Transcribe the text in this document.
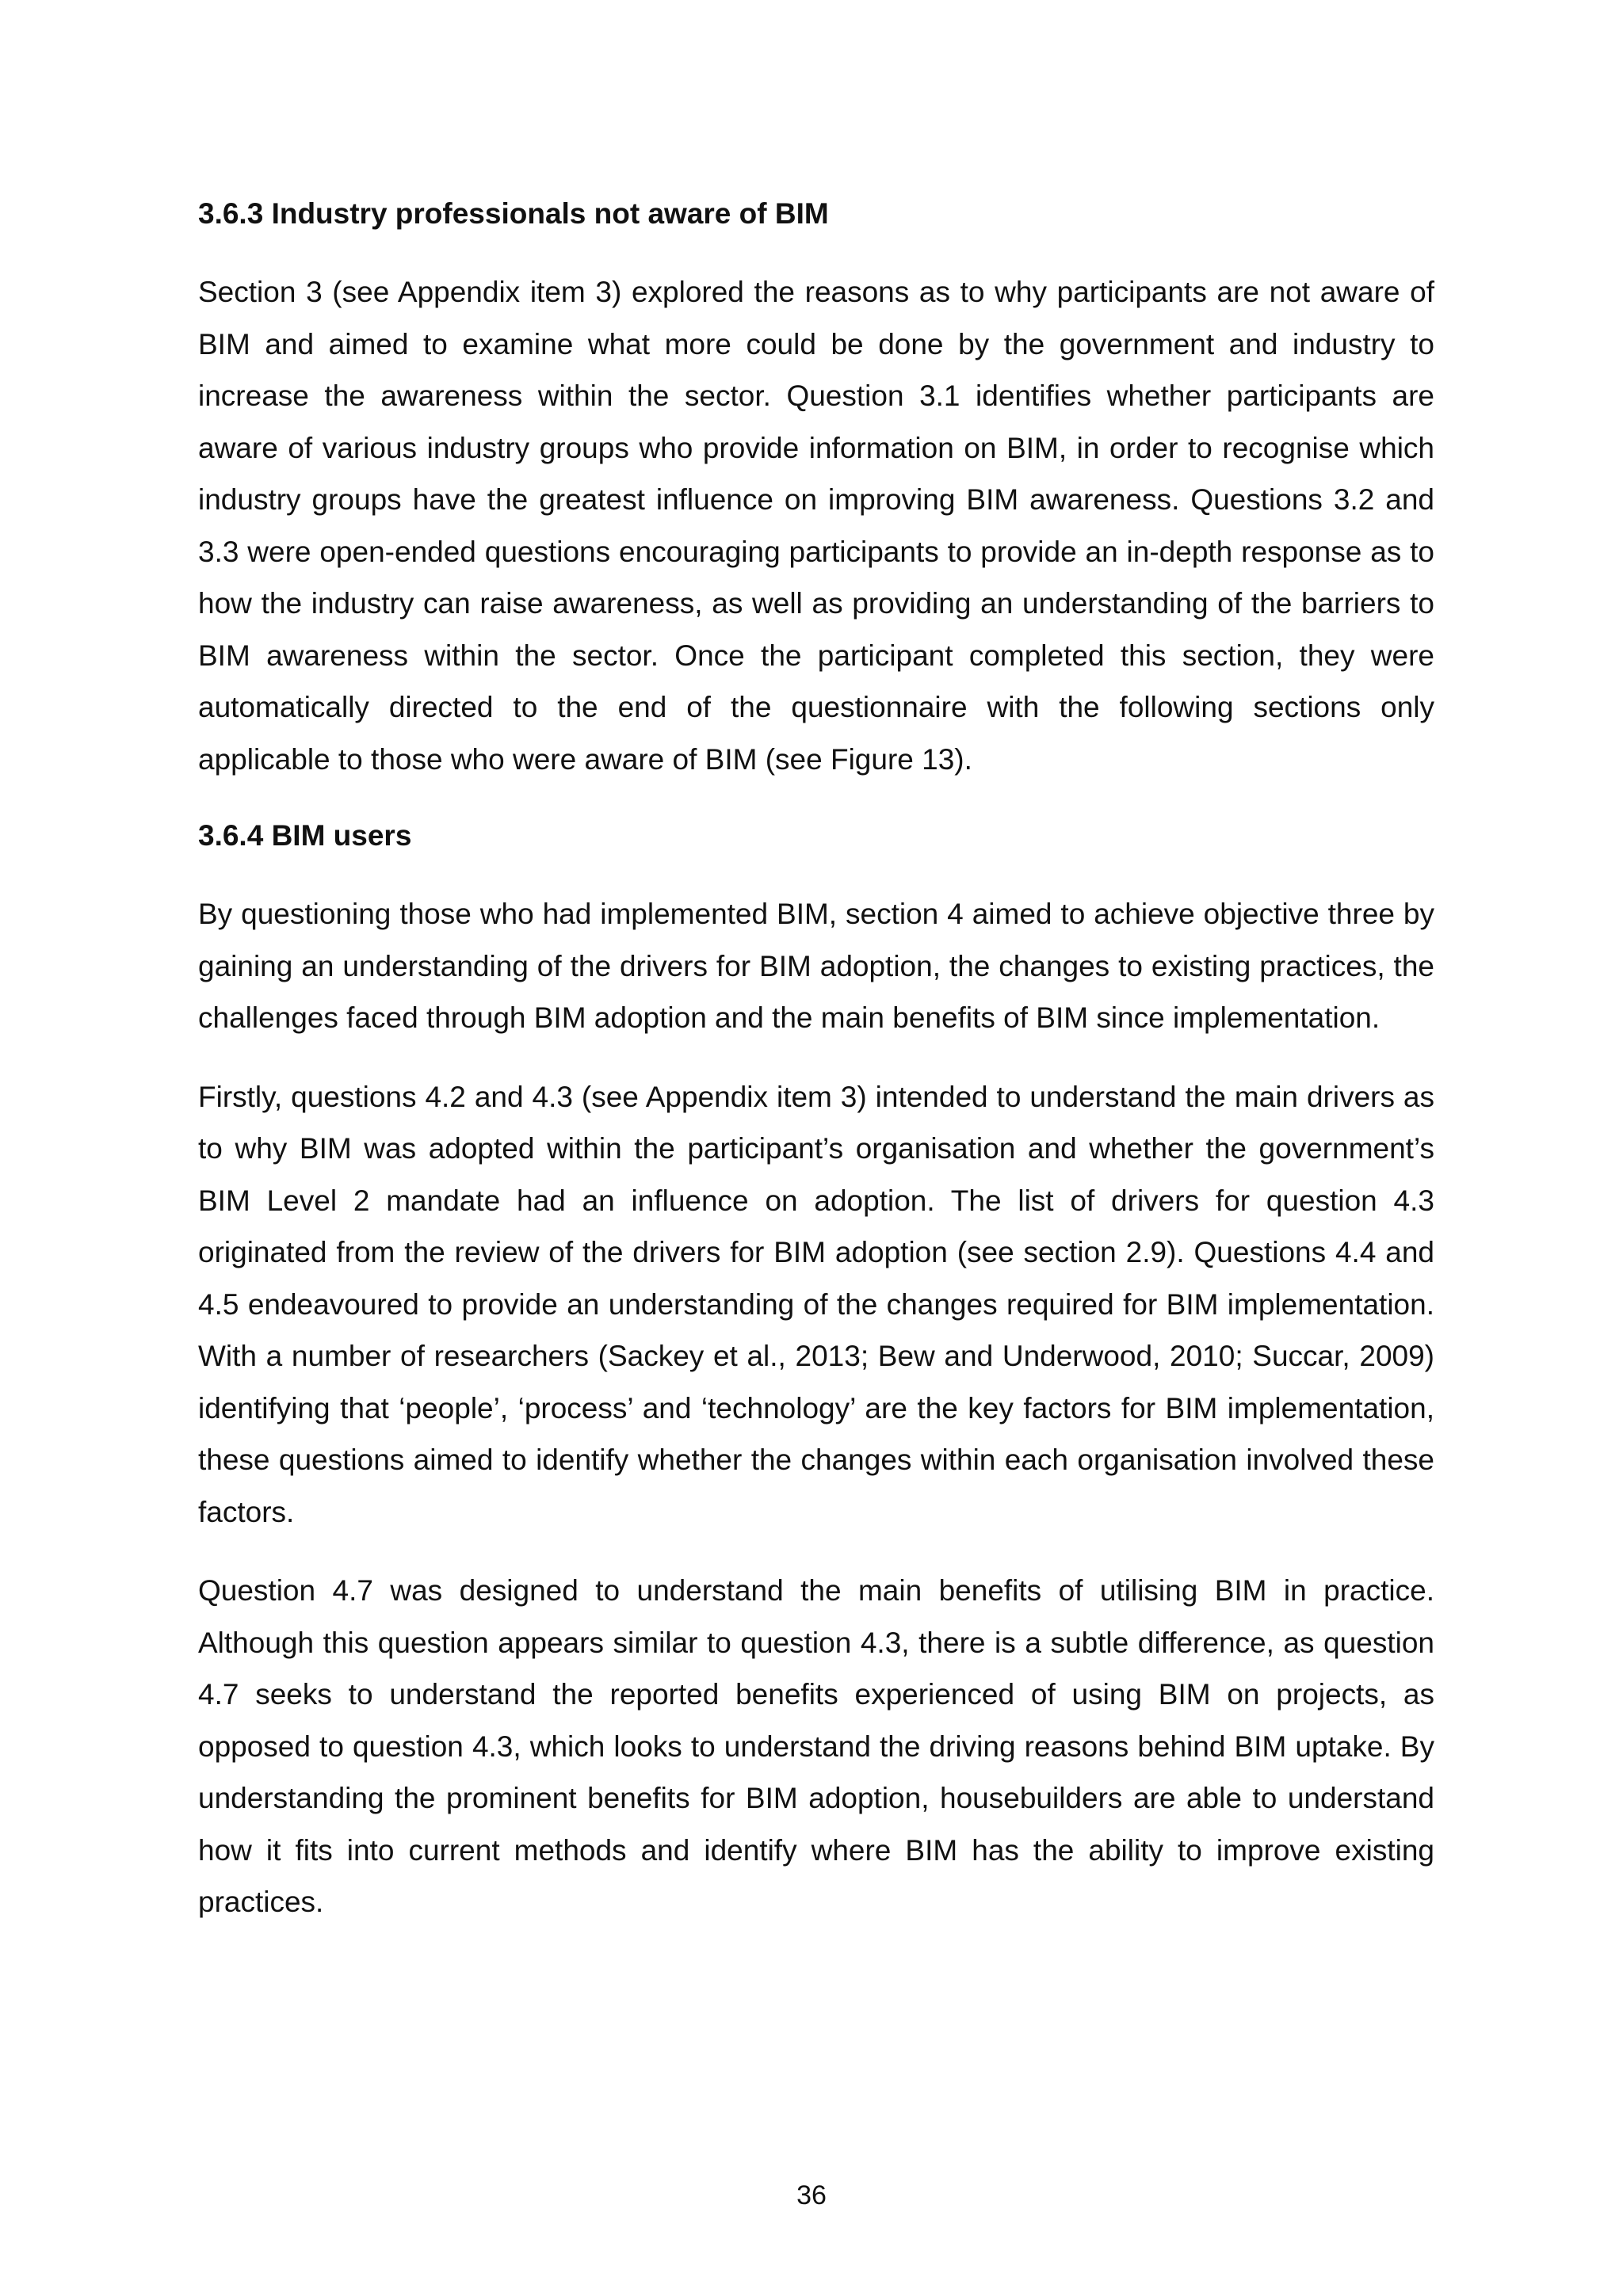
3.6.3 Industry professionals not aware of BIM

Section 3 (see Appendix item 3) explored the reasons as to why participants are not aware of BIM and aimed to examine what more could be done by the government and industry to increase the awareness within the sector. Question 3.1 identifies whether participants are aware of various industry groups who provide information on BIM, in order to recognise which industry groups have the greatest influence on improving BIM awareness. Questions 3.2 and 3.3 were open-ended questions encouraging participants to provide an in-depth response as to how the industry can raise awareness, as well as providing an understanding of the barriers to BIM awareness within the sector. Once the participant completed this section, they were automatically directed to the end of the questionnaire with the following sections only applicable to those who were aware of BIM (see Figure 13).

3.6.4 BIM users

By questioning those who had implemented BIM, section 4 aimed to achieve objective three by gaining an understanding of the drivers for BIM adoption, the changes to existing practices, the challenges faced through BIM adoption and the main benefits of BIM since implementation.

Firstly, questions 4.2 and 4.3 (see Appendix item 3) intended to understand the main drivers as to why BIM was adopted within the participant’s organisation and whether the government’s BIM Level 2 mandate had an influence on adoption. The list of drivers for question 4.3 originated from the review of the drivers for BIM adoption (see section 2.9). Questions 4.4 and 4.5 endeavoured to provide an understanding of the changes required for BIM implementation. With a number of researchers (Sackey et al., 2013; Bew and Underwood, 2010; Succar, 2009) identifying that ‘people’, ‘process’ and ‘technology’ are the key factors for BIM implementation, these questions aimed to identify whether the changes within each organisation involved these factors.

Question 4.7 was designed to understand the main benefits of utilising BIM in practice. Although this question appears similar to question 4.3, there is a subtle difference, as question 4.7 seeks to understand the reported benefits experienced of using BIM on projects, as opposed to question 4.3, which looks to understand the driving reasons behind BIM uptake. By understanding the prominent benefits for BIM adoption, housebuilders are able to understand how it fits into current methods and identify where BIM has the ability to improve existing practices.

36
